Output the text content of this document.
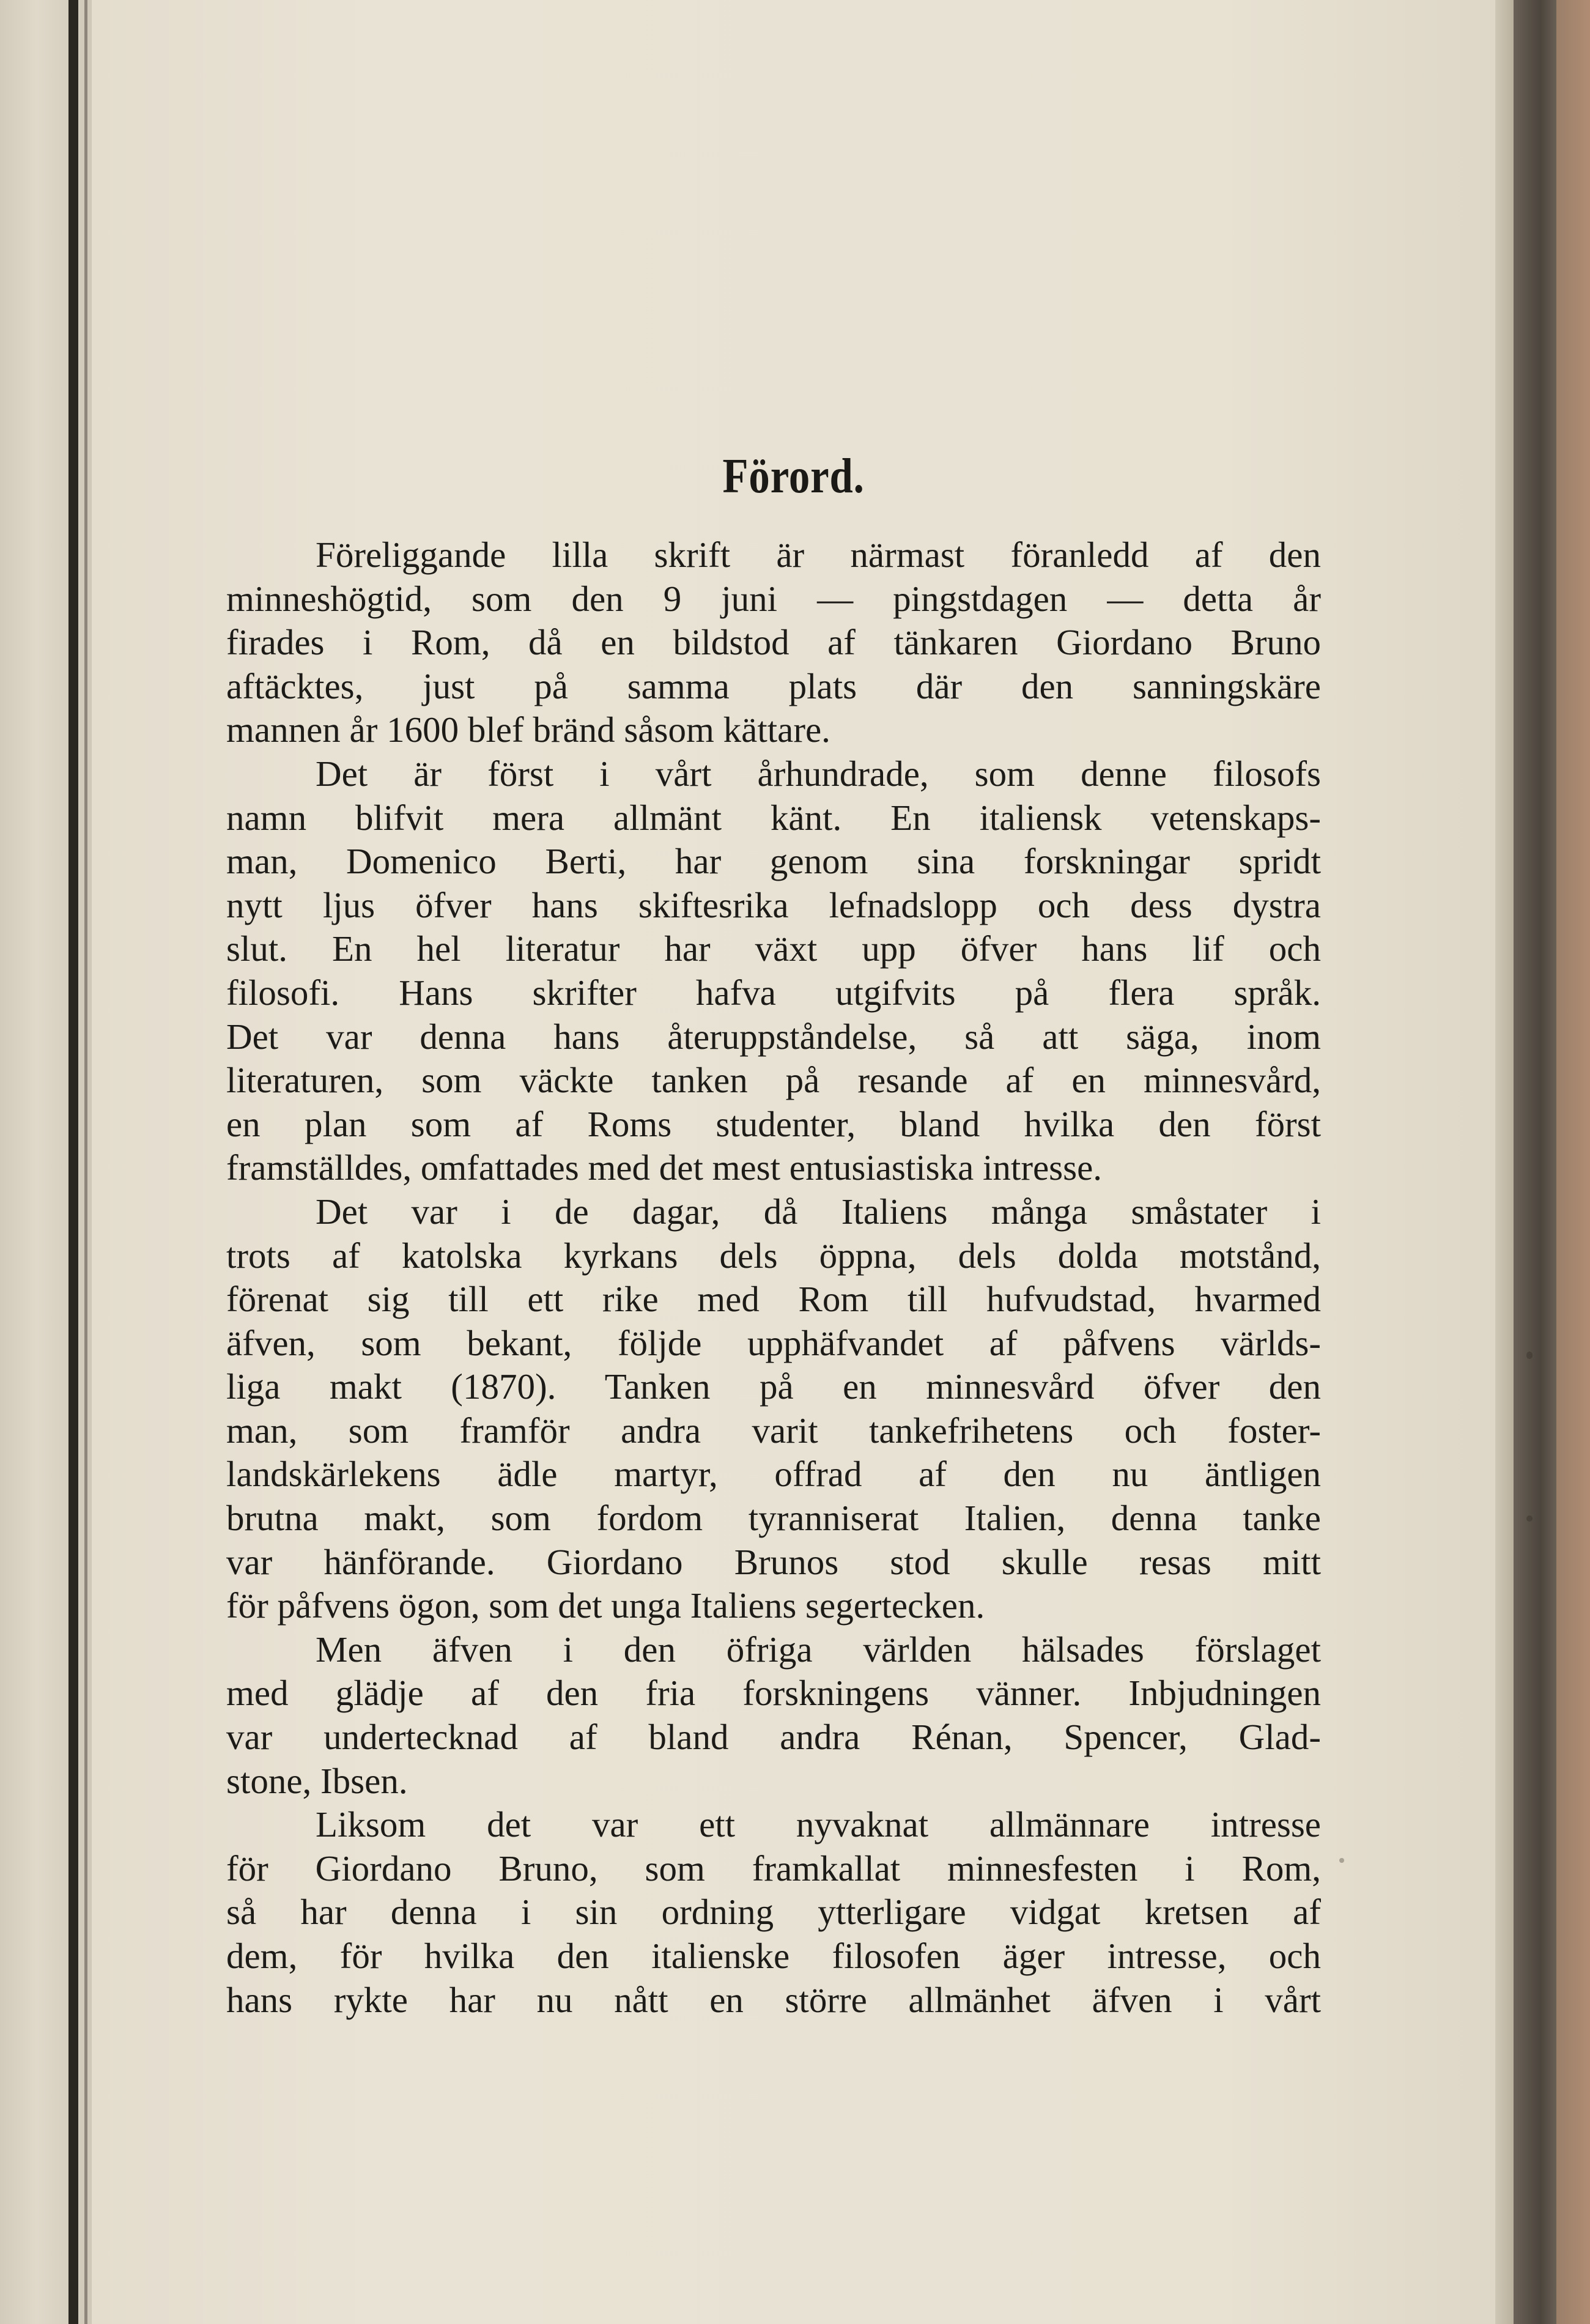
Förord.
Föreliggande lilla skrift är närmast föranledd af den
minneshögtid, som den 9 juni — pingstdagen — detta år
firades i Rom, då en bildstod af tänkaren Giordano Bruno
aftäcktes, just på samma plats där den sanningskäre
mannen år 1600 blef bränd såsom kättare.
Det är först i vårt århundrade, som denne filosofs
namn blifvit mera allmänt känt. En italiensk vetenskaps-
man, Domenico Berti, har genom sina forskningar spridt
nytt ljus öfver hans skiftesrika lefnadslopp och dess dystra
slut. En hel literatur har växt upp öfver hans lif och
filosofi. Hans skrifter hafva utgifvits på flera språk.
Det var denna hans återuppståndelse, så att säga, inom
literaturen, som väckte tanken på resande af en minnesvård,
en plan som af Roms studenter, bland hvilka den först
framställdes, omfattades med det mest entusiastiska intresse.
Det var i de dagar, då Italiens många småstater i
trots af katolska kyrkans dels öppna, dels dolda motstånd,
förenat sig till ett rike med Rom till hufvudstad, hvarmed
äfven, som bekant, följde upphäfvandet af påfvens världs-
liga makt (1870). Tanken på en minnesvård öfver den
man, som framför andra varit tankefrihetens och foster-
landskärlekens ädle martyr, offrad af den nu äntligen
brutna makt, som fordom tyranniserat Italien, denna tanke
var hänförande. Giordano Brunos stod skulle resas mitt
för påfvens ögon, som det unga Italiens segertecken.
Men äfven i den öfriga världen hälsades förslaget
med glädje af den fria forskningens vänner. Inbjudningen
var undertecknad af bland andra Rénan, Spencer, Glad-
stone, Ibsen.
Liksom det var ett nyvaknat allmännare intresse
för Giordano Bruno, som framkallat minnesfesten i Rom,
så har denna i sin ordning ytterligare vidgat kretsen af
dem, för hvilka den italienske filosofen äger intresse, och
hans rykte har nu nått en större allmänhet äfven i vårt
